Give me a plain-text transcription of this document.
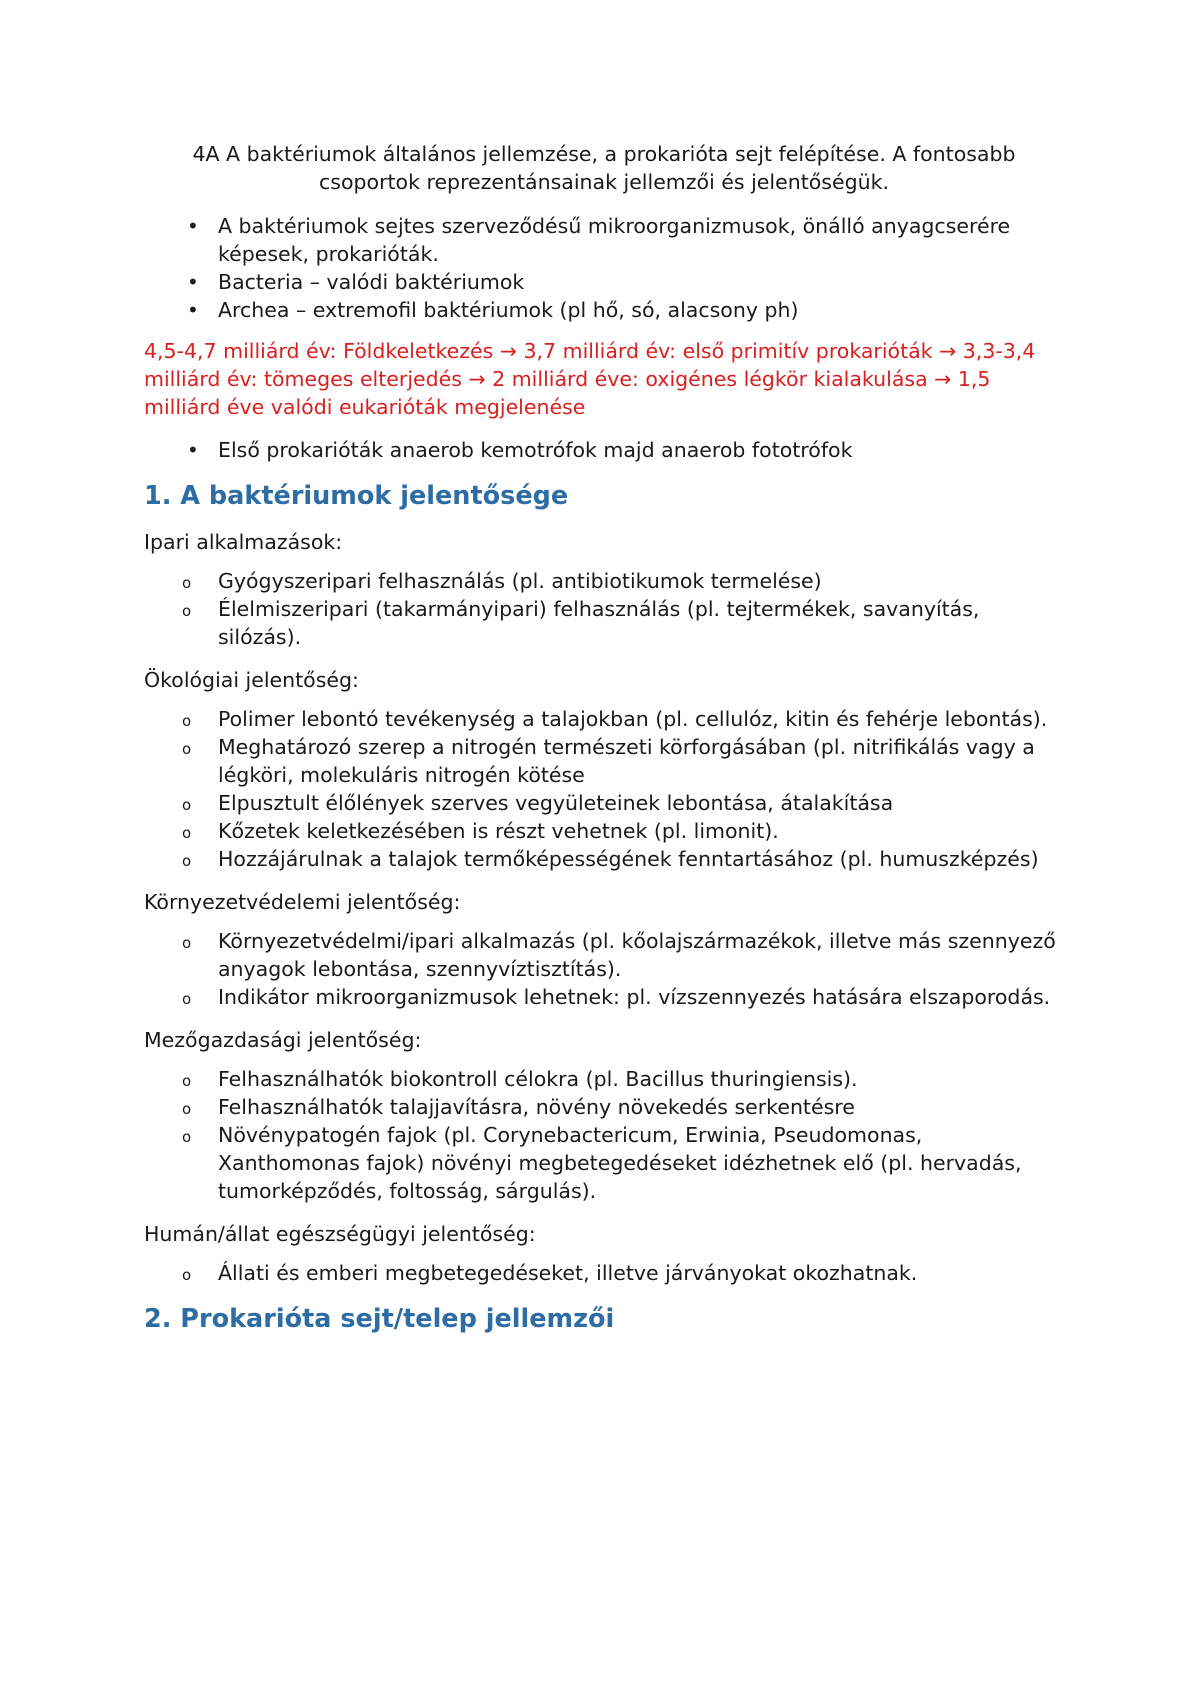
4A A baktériumok általános jellemzése, a prokarióta sejt felépítése. A fontosabb csoportok reprezentánsainak jellemzői és jelentőségük.

• A baktériumok sejtes szerveződésű mikroorganizmusok, önálló anyagcserére képesek, prokarióták.
• Bacteria – valódi baktériumok
• Archea – extremofil baktériumok (pl hő, só, alacsony ph)

4,5-4,7 milliárd év: Földkeletkezés → 3,7 milliárd év: első primitív prokarióták → 3,3-3,4 milliárd év: tömeges elterjedés → 2 milliárd éve: oxigénes légkör kialakulása → 1,5 milliárd éve valódi eukarióták megjelenése

• Első prokarióták anaerob kemotrófok majd anaerob fototrófok
1. A baktériumok jelentősége

Ipari alkalmazások:

o Gyógyszeripari felhasználás (pl. antibiotikumok termelése)
o Élelmiszeripari (takarmányipari) felhasználás (pl. tejtermékek, savanyítás, silózás).

Ökológiai jelentőség:

o Polimer lebontó tevékenység a talajokban (pl. cellulóz, kitin és fehérje lebontás).
o Meghatározó szerep a nitrogén természeti körforgásában (pl. nitrifikálás vagy a légköri, molekuláris nitrogén kötése
o Elpusztult élőlények szerves vegyületeinek lebontása, átalakítása
o Kőzetek keletkezésében is részt vehetnek (pl. limonit).
o Hozzájárulnak a talajok termőképességének fenntartásához (pl. humuszképzés)

Környezetvédelemi jelentőség:

o Környezetvédelmi/ipari alkalmazás (pl. kőolajszármazékok, illetve más szennyező anyagok lebontása, szennyvíztisztítás).
o Indikátor mikroorganizmusok lehetnek: pl. vízszennyezés hatására elszaporodás.

Mezőgazdasági jelentőség:

o Felhasználhatók biokontroll célokra (pl. Bacillus thuringiensis).
o Felhasználhatók talajjavításra, növény növekedés serkentésre
o Növénypatogén fajok (pl. Corynebactericum, Erwinia, Pseudomonas, Xanthomonas fajok) növényi megbetegedéseket idézhetnek elő (pl. hervadás, tumorképződés, foltosság, sárgulás).

Humán/állat egészségügyi jelentőség:

o Állati és emberi megbetegedéseket, illetve járványokat okozhatnak.
2. Prokarióta sejt/telep jellemzői
